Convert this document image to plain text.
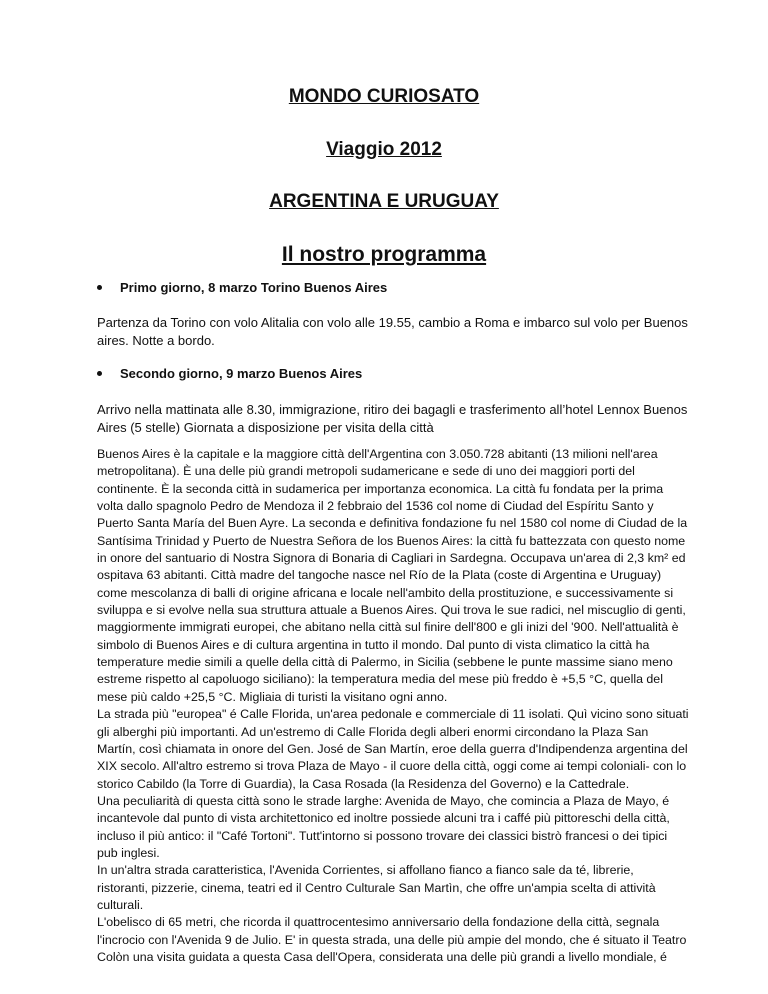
MONDO CURIOSATO
Viaggio 2012
ARGENTINA E URUGUAY
Il nostro programma
Primo giorno, 8 marzo Torino Buenos Aires

Partenza da Torino con volo Alitalia con volo alle 19.55, cambio a Roma e imbarco sul volo per Buenos
aires. Notte a bordo.

Secondo giorno, 9 marzo Buenos Aires

Arrivo nella mattinata alle 8.30, immigrazione, ritiro dei bagagli e trasferimento all’hotel Lennox Buenos
Aires (5 stelle) Giornata a disposizione per visita della città

Buenos Aires è la capitale e la maggiore città dell'Argentina con 3.050.728 abitanti (13 milioni nell'area
metropolitana). È una delle più grandi metropoli sudamericane e sede di uno dei maggiori porti del
continente. È la seconda città in sudamerica per importanza economica. La città fu fondata per la prima
volta dallo spagnolo Pedro de Mendoza il 2 febbraio del 1536 col nome di Ciudad del Espíritu Santo y
Puerto Santa María del Buen Ayre. La seconda e definitiva fondazione fu nel 1580 col nome di Ciudad de la
Santísima Trinidad y Puerto de Nuestra Señora de los Buenos Aires: la città fu battezzata con questo nome
in onore del santuario di Nostra Signora di Bonaria di Cagliari in Sardegna. Occupava un'area di 2,3 km² ed
ospitava 63 abitanti. Città madre del tangoche nasce nel Río de la Plata (coste di Argentina e Uruguay)
come mescolanza di balli di origine africana e locale nell'ambito della prostituzione, e successivamente si
sviluppa e si evolve nella sua struttura attuale a Buenos Aires. Qui trova le sue radici, nel miscuglio di genti,
maggiormente immigrati europei, che abitano nella città sul finire dell'800 e gli inizi del '900. Nell'attualità è
simbolo di Buenos Aires e di cultura argentina in tutto il mondo. Dal punto di vista climatico la città ha
temperature medie simili a quelle della città di Palermo, in Sicilia (sebbene le punte massime siano meno
estreme rispetto al capoluogo siciliano): la temperatura media del mese più freddo è +5,5 °C, quella del
mese più caldo +25,5 °C. Migliaia di turisti la visitano ogni anno.
La strada più "europea" é Calle Florida, un'area pedonale e commerciale di 11 isolati. Quì vicino sono situati
gli alberghi più importanti. Ad un'estremo di Calle Florida degli alberi enormi circondano la Plaza San
Martín, così chiamata in onore del Gen. José de San Martín, eroe della guerra d'Indipendenza argentina del
XIX secolo. All'altro estremo si trova Plaza de Mayo - il cuore della città, oggi come ai tempi coloniali- con lo
storico Cabildo (la Torre di Guardia), la Casa Rosada (la Residenza del Governo) e la Cattedrale.
Una peculiarità di questa città sono le strade larghe: Avenida de Mayo, che comincia a Plaza de Mayo, é
incantevole dal punto di vista architettonico ed inoltre possiede alcuni tra i caffé più pittoreschi della città,
incluso il più antico: il "Café Tortoni". Tutt'intorno si possono trovare dei classici bistrò francesi o dei tipici
pub inglesi.
In un'altra strada caratteristica, l'Avenida Corrientes, si affollano fianco a fianco sale da té, librerie,
ristoranti, pizzerie, cinema, teatri ed il Centro Culturale San Martìn, che offre un'ampia scelta di attività
culturali.
L'obelisco di 65 metri, che ricorda il quattrocentesimo anniversario della fondazione della città, segnala
l'incrocio con l'Avenida 9 de Julio. E' in questa strada, una delle più ampie del mondo, che é situato il Teatro
Colòn una visita guidata a questa Casa dell'Opera, considerata una delle più grandi a livello mondiale, é
